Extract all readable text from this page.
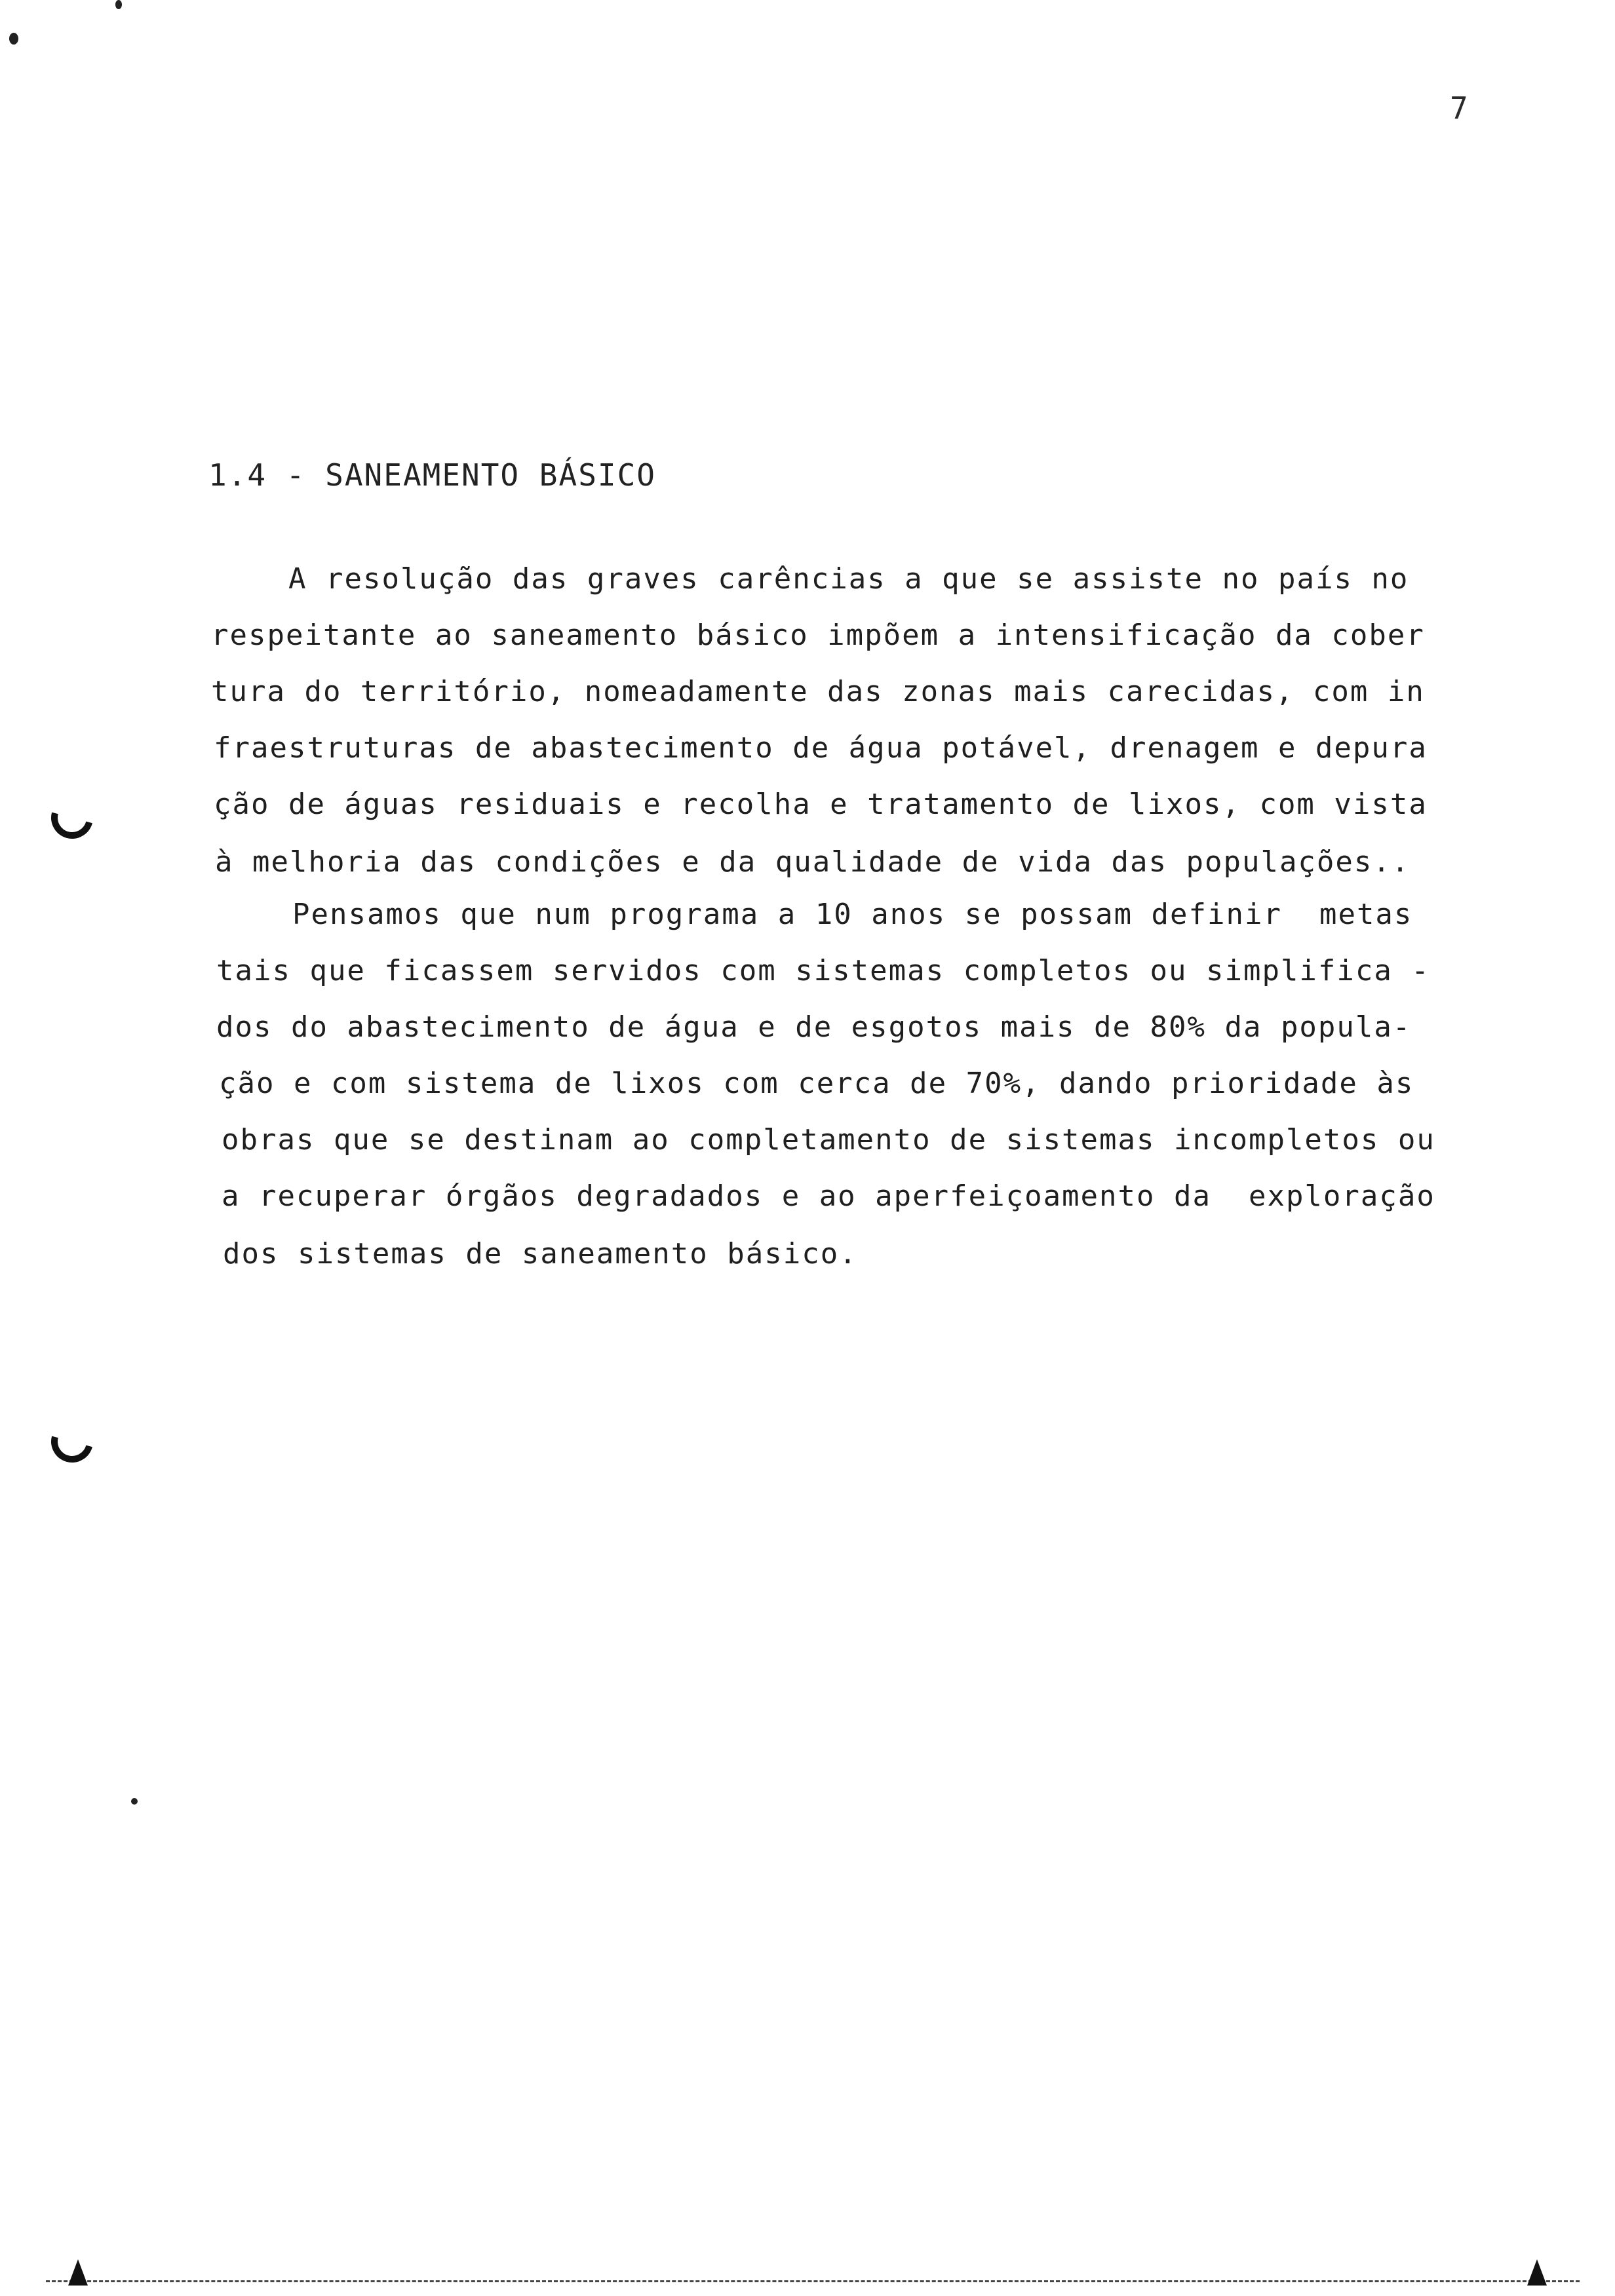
7
1.4 - SANEAMENTO BÁSICO
A resolução das graves carências a que se assiste no país no
respeitante ao saneamento básico impõem a intensificação da cober
tura do território, nomeadamente das zonas mais carecidas, com in
fraestruturas de abastecimento de água potável, drenagem e depura
ção de águas residuais e recolha e tratamento de lixos, com vista
à melhoria das condições e da qualidade de vida das populações..
Pensamos que num programa a 10 anos se possam definir  metas
tais que ficassem servidos com sistemas completos ou simplifica -
dos do abastecimento de água e de esgotos mais de 80% da popula-
ção e com sistema de lixos com cerca de 70%, dando prioridade às
obras que se destinam ao completamento de sistemas incompletos ou
a recuperar órgãos degradados e ao aperfeiçoamento da  exploração
dos sistemas de saneamento básico.
